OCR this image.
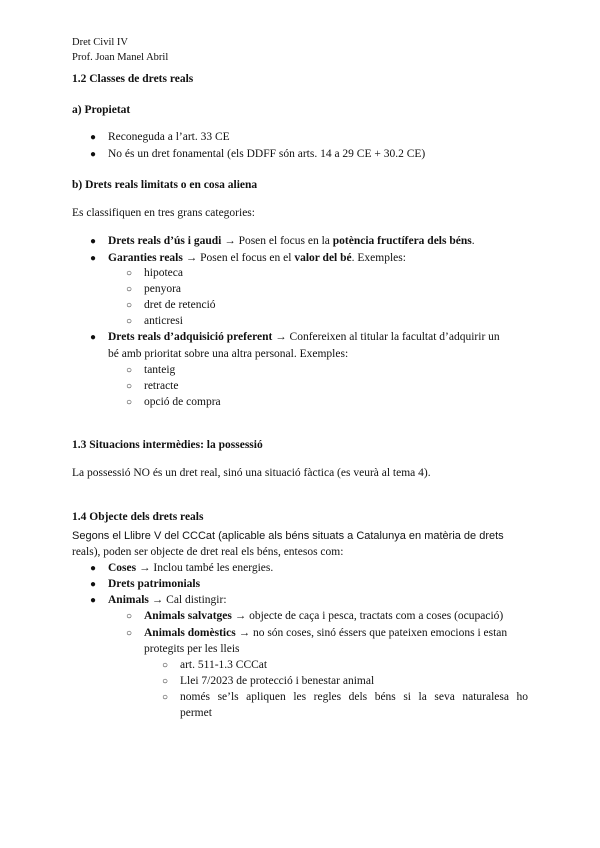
Dret Civil IV
Prof. Joan Manel Abril
1.2 Classes de drets reals
a) Propietat
● Reconeguda a l’art. 33 CE
● No és un dret fonamental (els DDFF són arts. 14 a 29 CE + 30.2 CE)
b) Drets reals limitats o en cosa aliena
Es classifiquen en tres grans categories:
● Drets reals d’ús i gaudi → Posen el focus en la potència fructífera dels béns.
● Garanties reals → Posen el focus en el valor del bé. Exemples:
○ hipoteca
○ penyora
○ dret de retenció
○ anticresi
● Drets reals d’adquisició preferent → Confereixen al titular la facultat d’adquirir un
bé amb prioritat sobre una altra personal. Exemples:
○ tanteig
○ retracte
○ opció de compra
1.3 Situacions intermèdies: la possessió
La possessió NO és un dret real, sinó una situació fàctica (es veurà al tema 4).
1.4 Objecte dels drets reals
Segons el Llibre V del CCCat (aplicable als béns situats a Catalunya en matèria de drets
reals), poden ser objecte de dret real els béns, entesos com:
● Coses → Inclou també les energies.
● Drets patrimonials
● Animals → Cal distingir:
○ Animals salvatges → objecte de caça i pesca, tractats com a coses (ocupació)
○ Animals domèstics → no són coses, sinó éssers que pateixen emocions i estan
protegits per les lleis
○ art. 511-1.3 CCCat
○ Llei 7/2023 de protecció i benestar animal
○ només se’ls apliquen les regles dels béns si la seva naturalesa ho
permet
